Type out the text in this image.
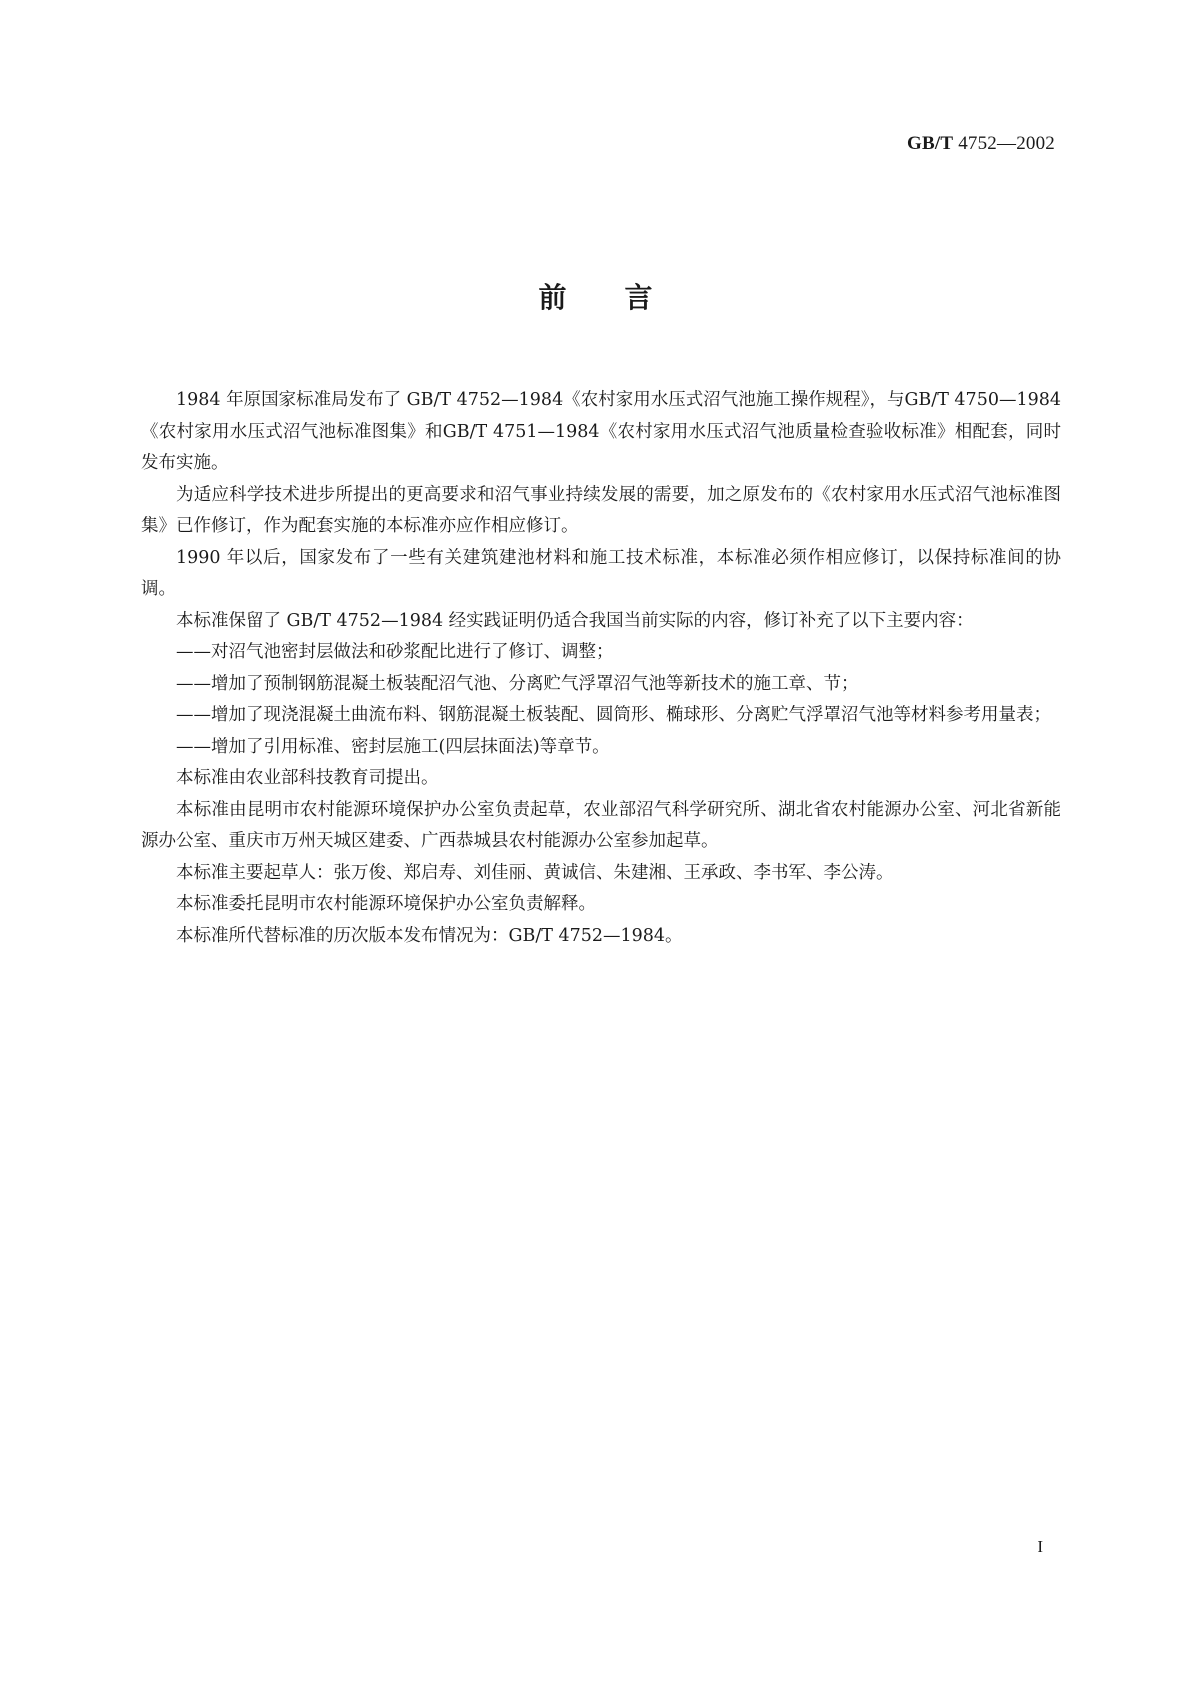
GB/T 4752—2002
前言

1984 年原国家标准局发布了 GB/T 4752—1984《农村家用水压式沼气池施工操作规程》，与GB/T 4750—1984《农村家用水压式沼气池标准图集》和GB/T 4751—1984《农村家用水压式沼气池质量检查验收标准》相配套，同时发布实施。

为适应科学技术进步所提出的更高要求和沼气事业持续发展的需要，加之原发布的《农村家用水压式沼气池标准图集》已作修订，作为配套实施的本标准亦应作相应修订。

1990 年以后，国家发布了一些有关建筑建池材料和施工技术标准，本标准必须作相应修订，以保持标准间的协调。

本标准保留了 GB/T 4752—1984 经实践证明仍适合我国当前实际的内容，修订补充了以下主要内容：

——对沼气池密封层做法和砂浆配比进行了修订、调整；

——增加了预制钢筋混凝土板装配沼气池、分离贮气浮罩沼气池等新技术的施工章、节；

——增加了现浇混凝土曲流布料、钢筋混凝土板装配、圆筒形、椭球形、分离贮气浮罩沼气池等材料参考用量表；

——增加了引用标准、密封层施工(四层抹面法)等章节。

本标准由农业部科技教育司提出。

本标准由昆明市农村能源环境保护办公室负责起草，农业部沼气科学研究所、湖北省农村能源办公室、河北省新能源办公室、重庆市万州天城区建委、广西恭城县农村能源办公室参加起草。

本标准主要起草人：张万俊、郑启寿、刘佳丽、黄诚信、朱建湘、王承政、李书军、李公涛。

本标准委托昆明市农村能源环境保护办公室负责解释。

本标准所代替标准的历次版本发布情况为：GB/T 4752—1984。

I
